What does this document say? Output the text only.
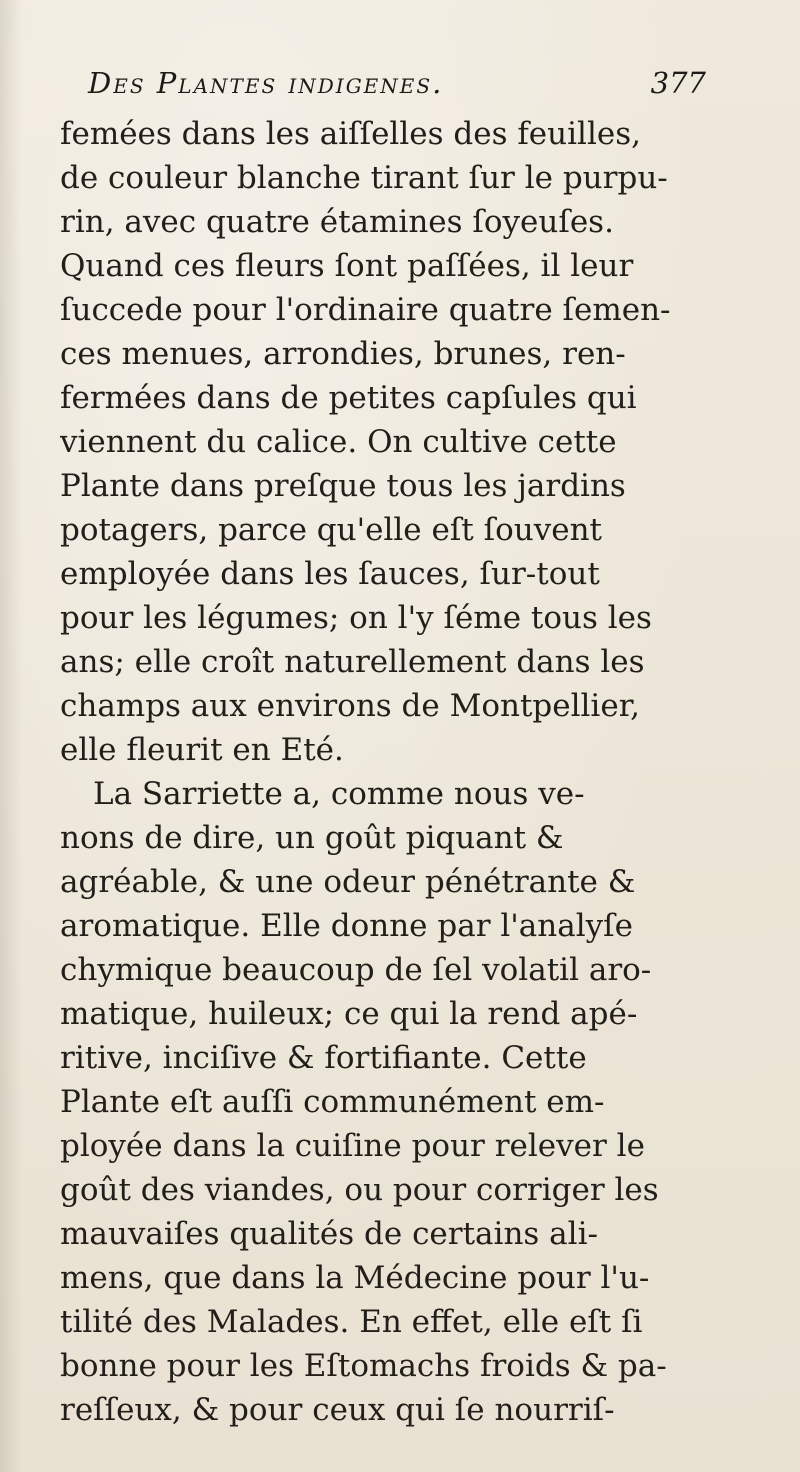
Des Plantes indigenes.	377
femées dans les aiſſelles des feuilles,
de couleur blanche tirant ſur le purpu-
rin, avec quatre étamines ſoyeuſes.
Quand ces fleurs ſont paſſées, il leur
ſuccede pour l'ordinaire quatre ſemen-
ces menues, arrondies, brunes, ren-
fermées dans de petites capſules qui
viennent du calice. On cultive cette
Plante dans preſque tous les jardins
potagers, parce qu'elle eſt ſouvent
employée dans les ſauces, ſur-tout
pour les légumes; on l'y ſéme tous les
ans; elle croît naturellement dans les
champs aux environs de Montpellier,
elle fleurit en Eté.
La Sarriette a, comme nous ve-
nons de dire, un goût piquant &
agréable, & une odeur pénétrante &
aromatique. Elle donne par l'analyſe
chymique beaucoup de ſel volatil aro-
matique, huileux; ce qui la rend apé-
ritive, inciſive & fortifiante. Cette
Plante eſt auſſi communément em-
ployée dans la cuiſine pour relever le
goût des viandes, ou pour corriger les
mauvaiſes qualités de certains ali-
mens, que dans la Médecine pour l'u-
tilité des Malades. En effet, elle eſt ſi
bonne pour les Eſtomachs froids & pa-
reſſeux, & pour ceux qui ſe nourriſ-
